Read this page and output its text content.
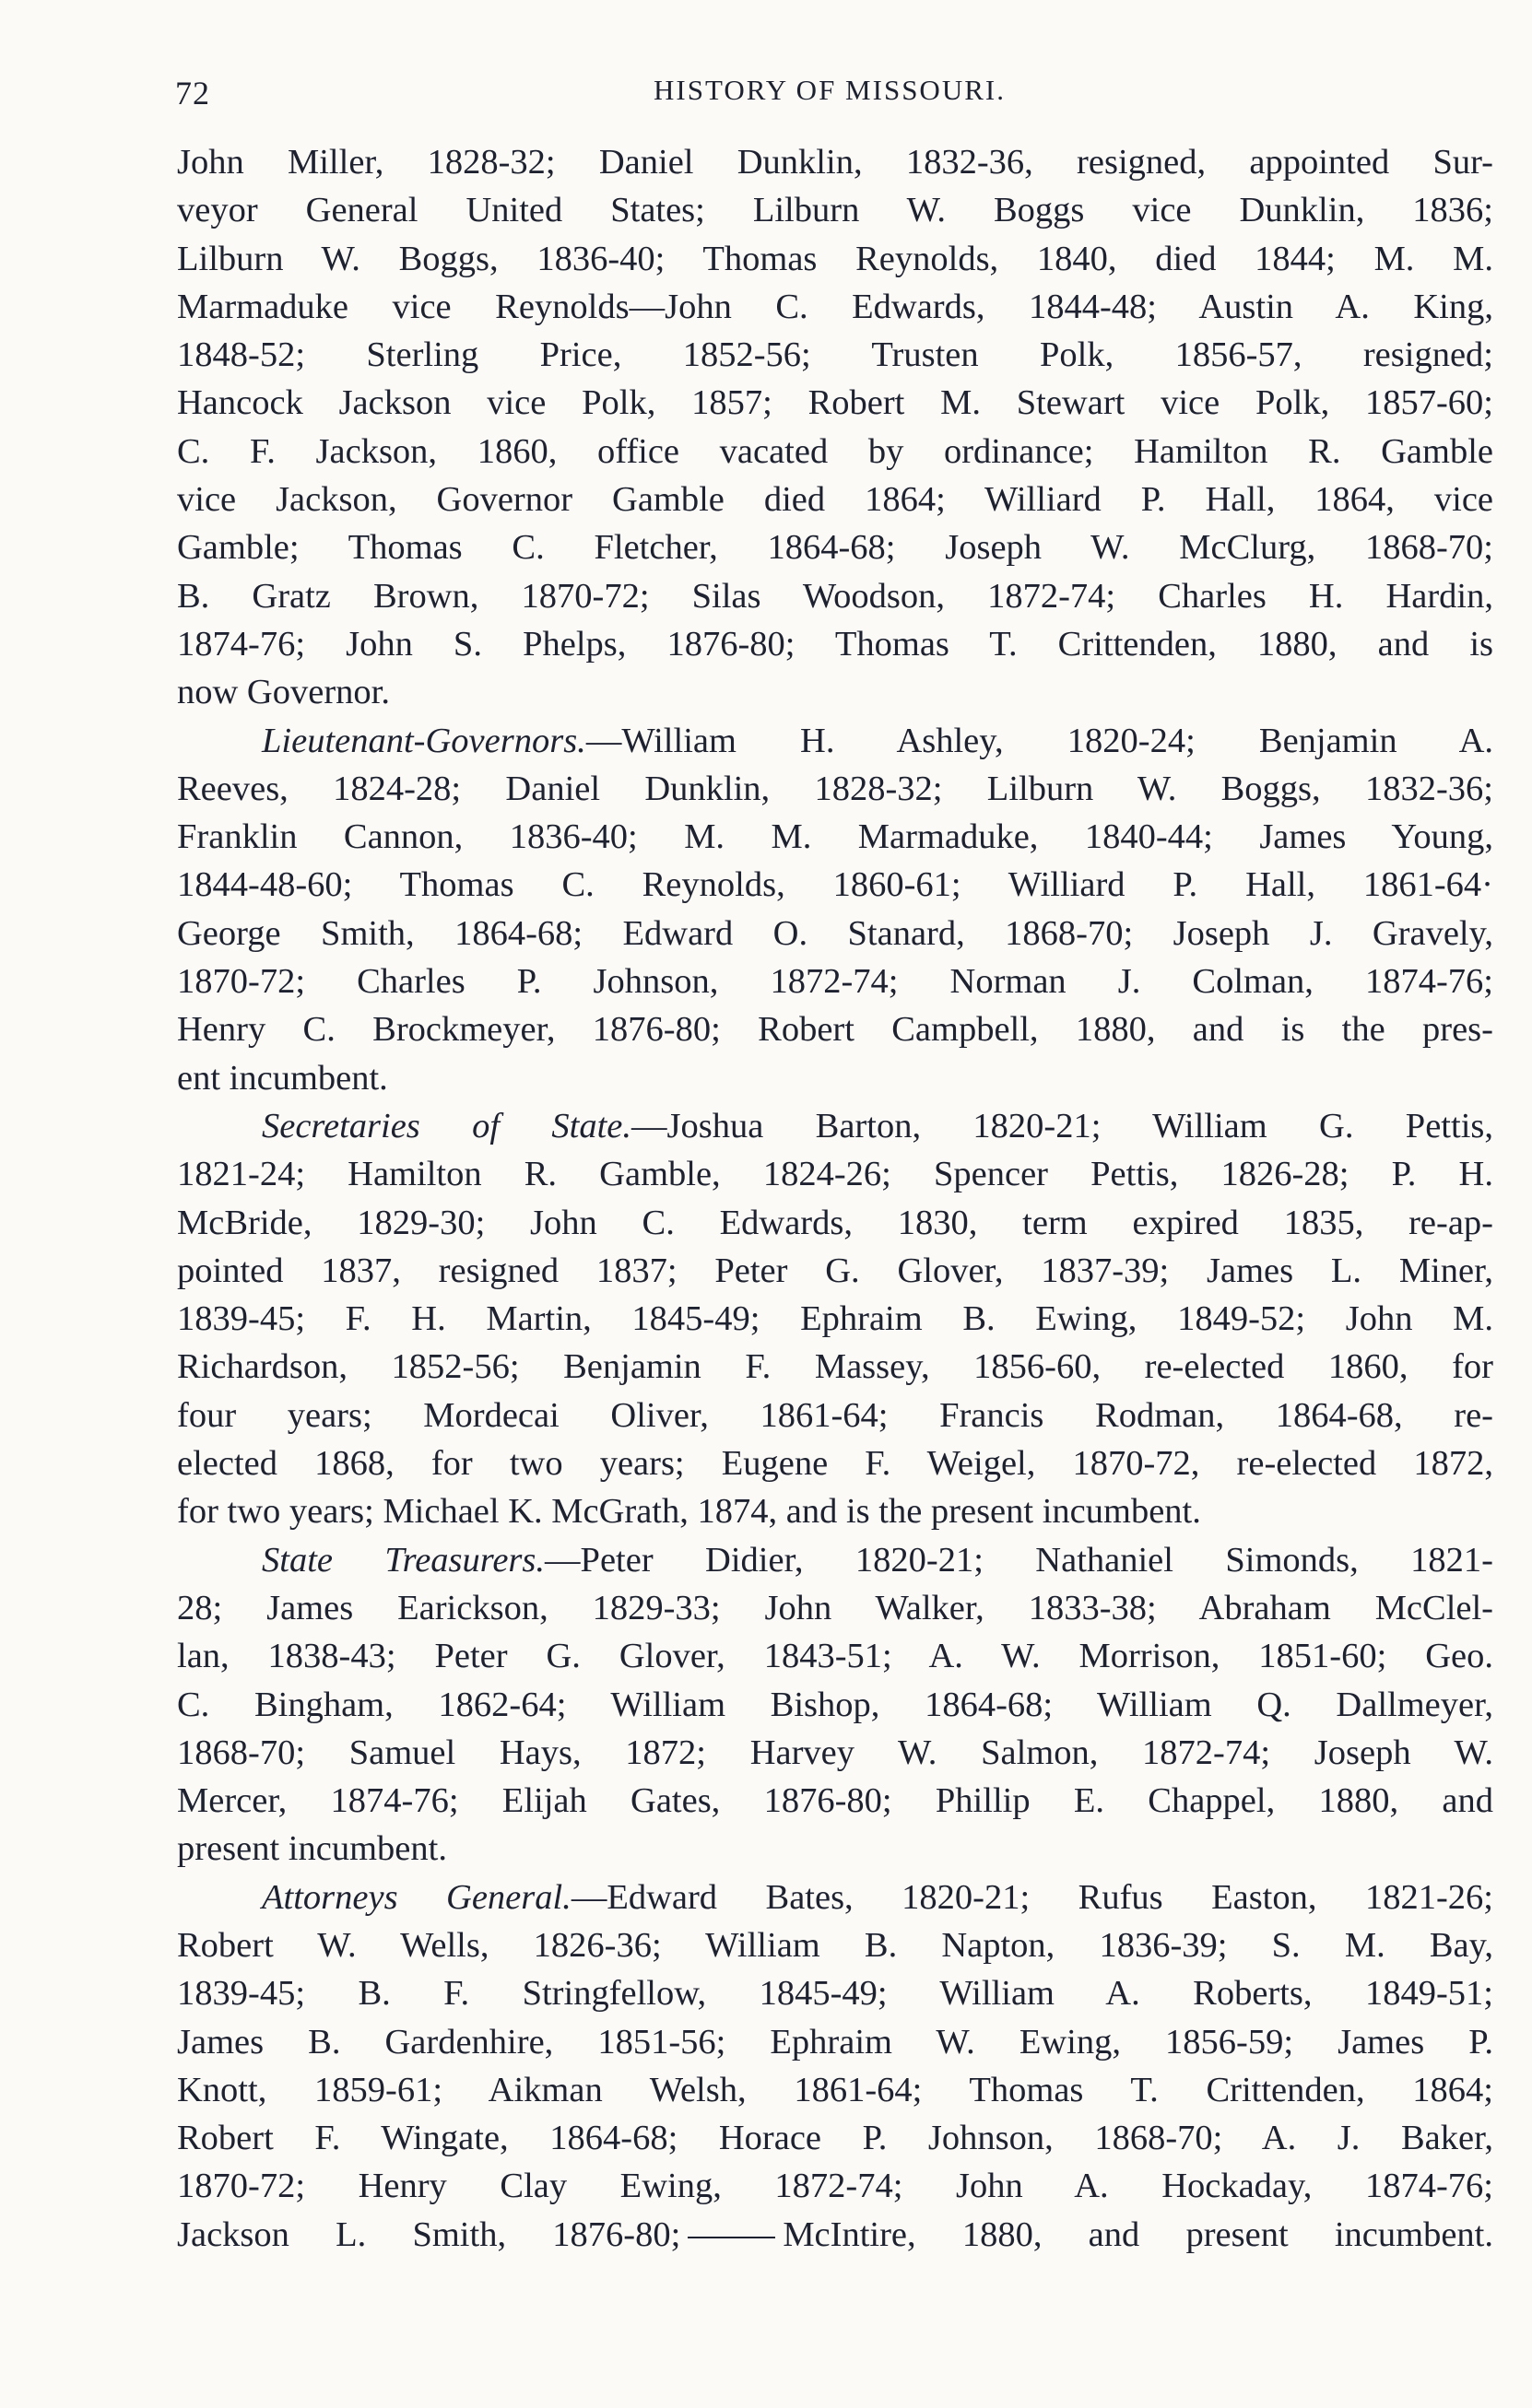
72	HISTORY OF MISSOURI.
John Miller, 1828-32; Daniel Dunklin, 1832-36, resigned, appointed Sur-
veyor General United States; Lilburn W. Boggs vice Dunklin, 1836;
Lilburn W. Boggs, 1836-40; Thomas Reynolds, 1840, died 1844; M. M.
Marmaduke vice Reynolds—John C. Edwards, 1844-48; Austin A. King,
1848-52; Sterling Price, 1852-56; Trusten Polk, 1856-57, resigned;
Hancock Jackson vice Polk, 1857; Robert M. Stewart vice Polk, 1857-60;
C. F. Jackson, 1860, office vacated by ordinance; Hamilton R. Gamble
vice Jackson, Governor Gamble died 1864; Williard P. Hall, 1864, vice
Gamble; Thomas C. Fletcher, 1864-68; Joseph W. McClurg, 1868-70;
B. Gratz Brown, 1870-72; Silas Woodson, 1872-74; Charles H. Hardin,
1874-76; John S. Phelps, 1876-80; Thomas T. Crittenden, 1880, and is
now Governor.
Lieutenant-Governors.—William H. Ashley, 1820-24; Benjamin A.
Reeves, 1824-28; Daniel Dunklin, 1828-32; Lilburn W. Boggs, 1832-36;
Franklin Cannon, 1836-40; M. M. Marmaduke, 1840-44; James Young,
1844-48-60; Thomas C. Reynolds, 1860-61; Williard P. Hall, 1861-64·
George Smith, 1864-68; Edward O. Stanard, 1868-70; Joseph J. Gravely,
1870-72; Charles P. Johnson, 1872-74; Norman J. Colman, 1874-76;
Henry C. Brockmeyer, 1876-80; Robert Campbell, 1880, and is the pres-
ent incumbent.
Secretaries of State.—Joshua Barton, 1820-21; William G. Pettis,
1821-24; Hamilton R. Gamble, 1824-26; Spencer Pettis, 1826-28; P. H.
McBride, 1829-30; John C. Edwards, 1830, term expired 1835, re-ap-
pointed 1837, resigned 1837; Peter G. Glover, 1837-39; James L. Miner,
1839-45; F. H. Martin, 1845-49; Ephraim B. Ewing, 1849-52; John M.
Richardson, 1852-56; Benjamin F. Massey, 1856-60, re-elected 1860, for
four years; Mordecai Oliver, 1861-64; Francis Rodman, 1864-68, re-
elected 1868, for two years; Eugene F. Weigel, 1870-72, re-elected 1872,
for two years; Michael K. McGrath, 1874, and is the present incumbent.
State Treasurers.—Peter Didier, 1820-21; Nathaniel Simonds, 1821-
28; James Earickson, 1829-33; John Walker, 1833-38; Abraham McClel-
lan, 1838-43; Peter G. Glover, 1843-51; A. W. Morrison, 1851-60; Geo.
C. Bingham, 1862-64; William Bishop, 1864-68; William Q. Dallmeyer,
1868-70; Samuel Hays, 1872; Harvey W. Salmon, 1872-74; Joseph W.
Mercer, 1874-76; Elijah Gates, 1876-80; Phillip E. Chappel, 1880, and
present incumbent.
Attorneys General.—Edward Bates, 1820-21; Rufus Easton, 1821-26;
Robert W. Wells, 1826-36; William B. Napton, 1836-39; S. M. Bay,
1839-45; B. F. Stringfellow, 1845-49; William A. Roberts, 1849-51;
James B. Gardenhire, 1851-56; Ephraim W. Ewing, 1856-59; James P.
Knott, 1859-61; Aikman Welsh, 1861-64; Thomas T. Crittenden, 1864;
Robert F. Wingate, 1864-68; Horace P. Johnson, 1868-70; A. J. Baker,
1870-72; Henry Clay Ewing, 1872-74; John A. Hockaday, 1874-76;
Jackson L. Smith, 1876-80;	McIntire, 1880, and present incumbent.
